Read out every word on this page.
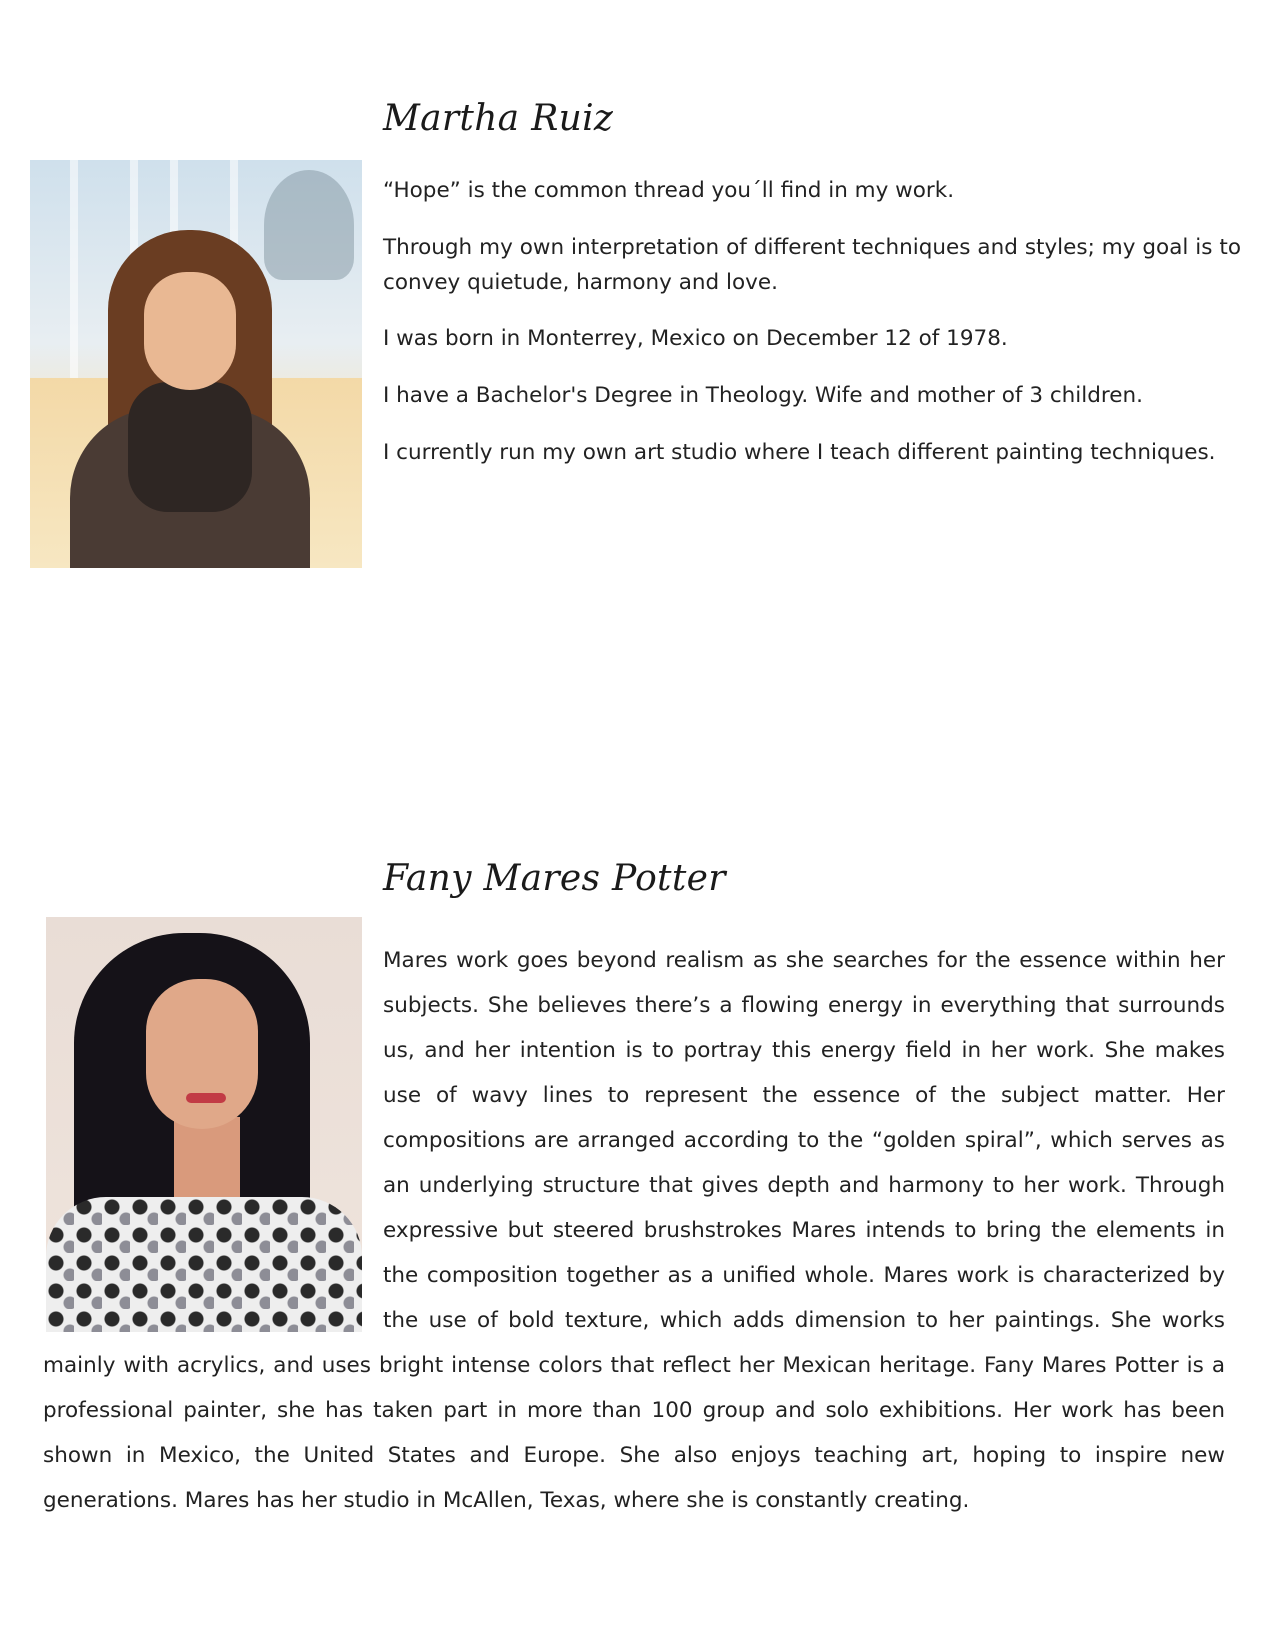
Martha Ruiz

“Hope” is the common thread you´ll find in my work.

Through my own interpretation of different techniques and styles; my goal is to convey quietude, harmony and love.

I was born in Monterrey, Mexico on December 12 of 1978.

I have a Bachelor's Degree in Theology. Wife and mother of 3 children.

I currently run my own art studio where I teach different painting techniques.

Fany Mares Potter

Mares work goes beyond realism as she searches for the essence within her subjects. She believes there’s a flowing energy in everything that surrounds us, and her intention is to portray this energy field in her work. She makes use of wavy lines to represent the essence of the subject matter. Her compositions are arranged according to the “golden spiral”, which serves as an underlying structure that gives depth and harmony to her work. Through expressive but steered brushstrokes Mares intends to bring the elements in the composition together as a unified whole. Mares work is characterized by the use of bold texture, which adds dimension to her paintings. She works mainly with acrylics, and uses bright intense colors that reflect her Mexican heritage. Fany Mares Potter is a professional painter, she has taken part in more than 100 group and solo exhibitions. Her work has been shown in Mexico, the United States and Europe. She also enjoys teaching art, hoping to inspire new generations. Mares has her studio in McAllen, Texas, where she is constantly creating.
